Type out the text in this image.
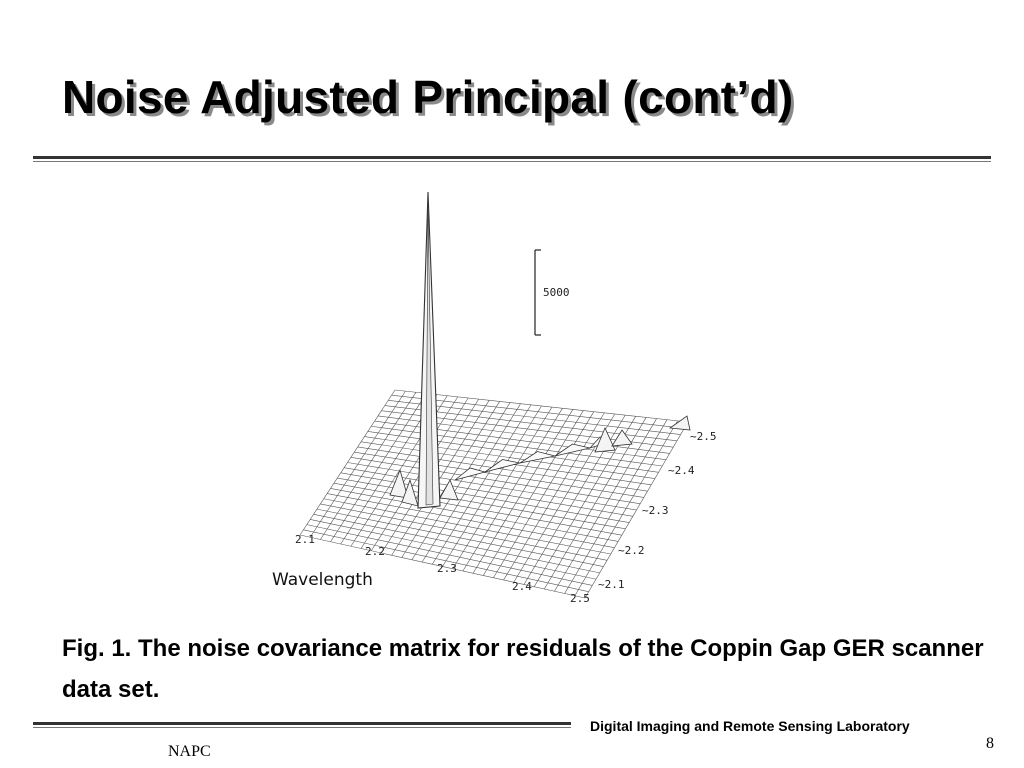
Noise Adjusted Principal (cont’d)
5000
Wavelength
2.1
2.2
2.3
2.4
2.5
~2.5
~2.4
~2.3
~2.2
~2.1

Fig. 1. The noise covariance matrix for residuals of the Coppin Gap GER scanner data set.

Digital Imaging and Remote Sensing Laboratory
8
NAPC
